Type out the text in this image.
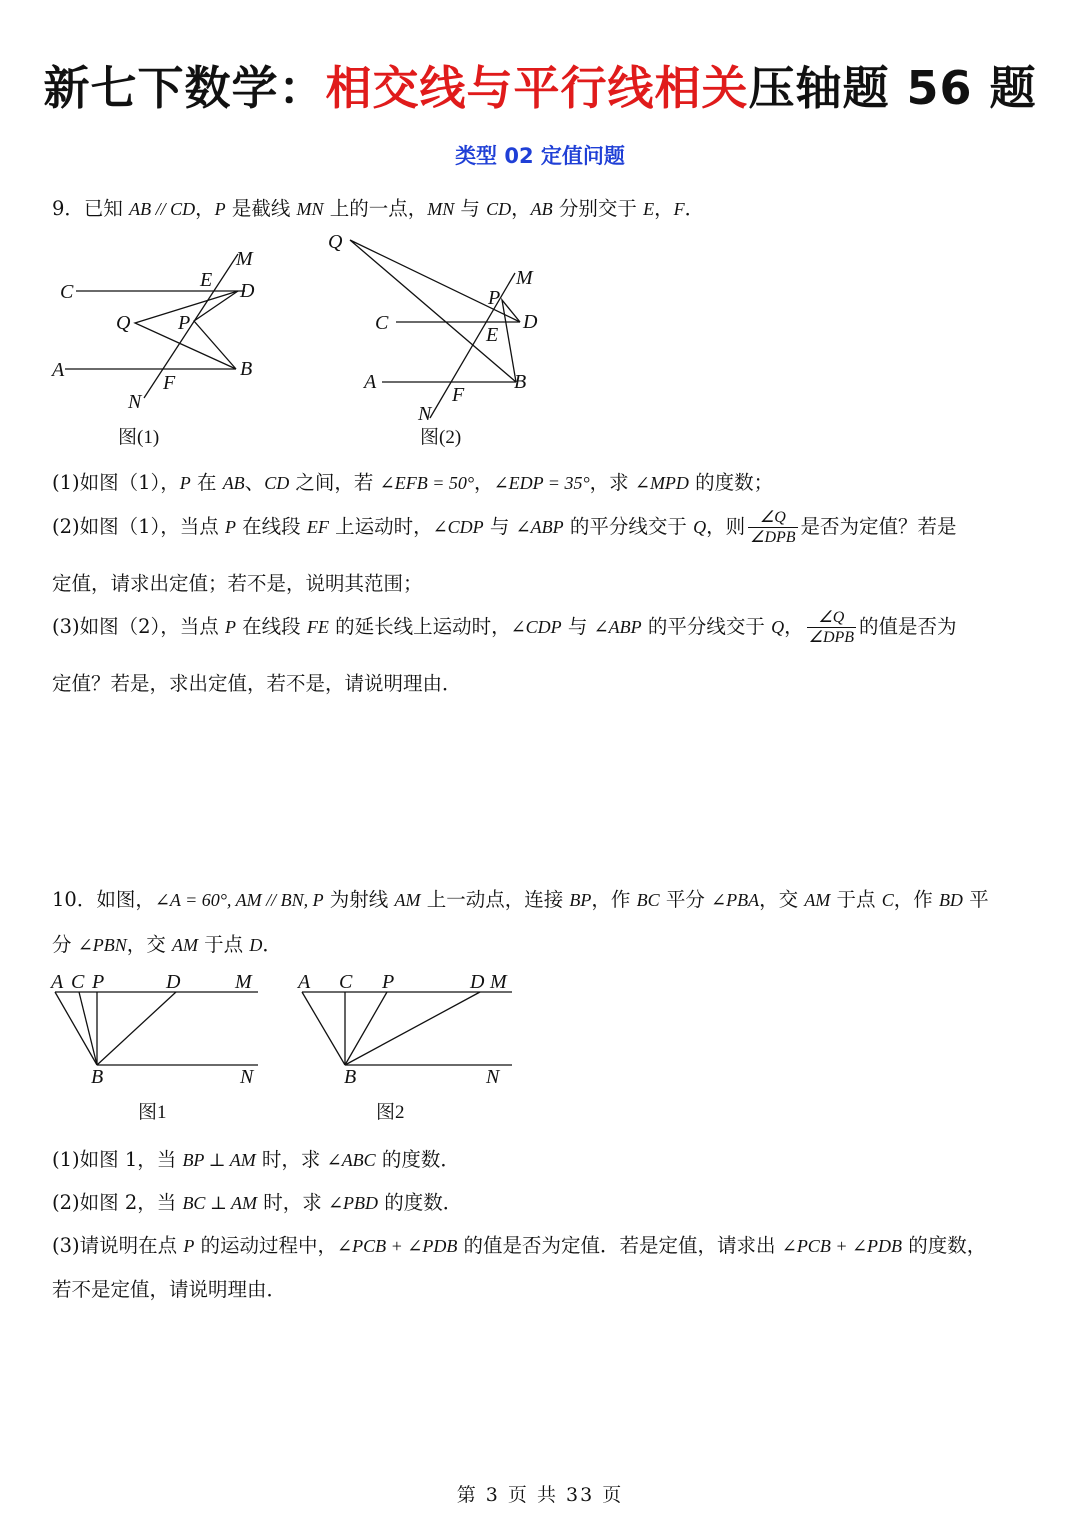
新七下数学：相交线与平行线相关压轴题 56 题
类型 02 定值问题
9．已知 AB // CD，P 是截线 MN 上的一点，MN 与 CD，AB 分别交于 E，F．
C	D
E
M
Q P
A	B
F
N
图(1)
Q
M
P
C	D
E
A	B
F
N
图(2)
(1)如图（1），P 在 AB、CD 之间，若 ∠EFB = 50°，∠EDP = 35°，求 ∠MPD 的度数；
(2)如图（1），当点 P 在线段 EF 上运动时，∠CDP 与 ∠ABP 的平分线交于 Q，则 $\frac{\angle Q}{\text{∠DPB}}$ 是否为定值？若是
定值，请求出定值；若不是，说明其范围；
(3)如图（2），当点 P 在线段 FE 的延长线上运动时，∠CDP 与 ∠ABP 的平分线交于 Q， $\frac{\angle Q}{\text{∠DPB}}$ 的值是否为
定值？若是，求出定值，若不是，请说明理由．
10．如图，∠A = 60°, AM // BN, P 为射线 AM 上一动点，连接 BP，作 BC 平分 ∠PBA，交 AM 于点 C，作 BD 平
分 ∠PBN，交 AM 于点 D．
A C P	D	M
B	N
图1
A C P	D M
B	N
图2
(1)如图 1，当 BP ⊥ AM 时，求 ∠ABC 的度数．
(2)如图 2，当 BC ⊥ AM 时，求 ∠PBD 的度数．
(3)请说明在点 P 的运动过程中，∠PCB + ∠PDB 的值是否为定值．若是定值，请求出 ∠PCB + ∠PDB 的度数，
若不是定值，请说明理由．
第 3 页 共 33 页
